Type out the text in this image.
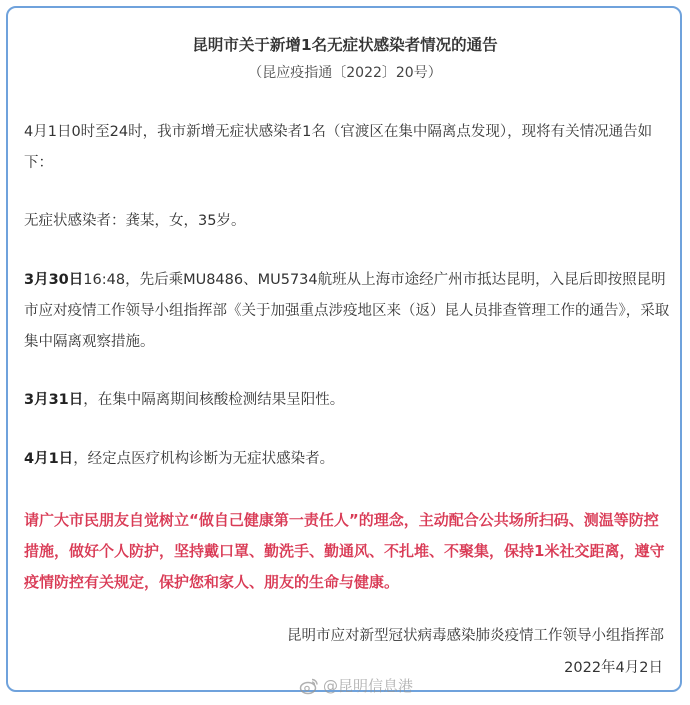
昆明市关于新增1名无症状感染者情况的通告
（昆应疫指通〔2022〕20号）

4月1日0时至24时，我市新增无症状感染者1名（官渡区在集中隔离点发现），现将有关情况通告如下：

无症状感染者：龚某，女，35岁。

3月30日16:48，先后乘MU8486、MU5734航班从上海市途经广州市抵达昆明，入昆后即按照昆明市应对疫情工作领导小组指挥部《关于加强重点涉疫地区来（返）昆人员排查管理工作的通告》，采取集中隔离观察措施。

3月31日，在集中隔离期间核酸检测结果呈阳性。

4月1日，经定点医疗机构诊断为无症状感染者。

请广大市民朋友自觉树立“做自己健康第一责任人”的理念，主动配合公共场所扫码、测温等防控措施，做好个人防护，坚持戴口罩、勤洗手、勤通风、不扎堆、不聚集，保持1米社交距离，遵守疫情防控有关规定，保护您和家人、朋友的生命与健康。

昆明市应对新型冠状病毒感染肺炎疫情工作领导小组指挥部
2022年4月2日
@昆明信息港
